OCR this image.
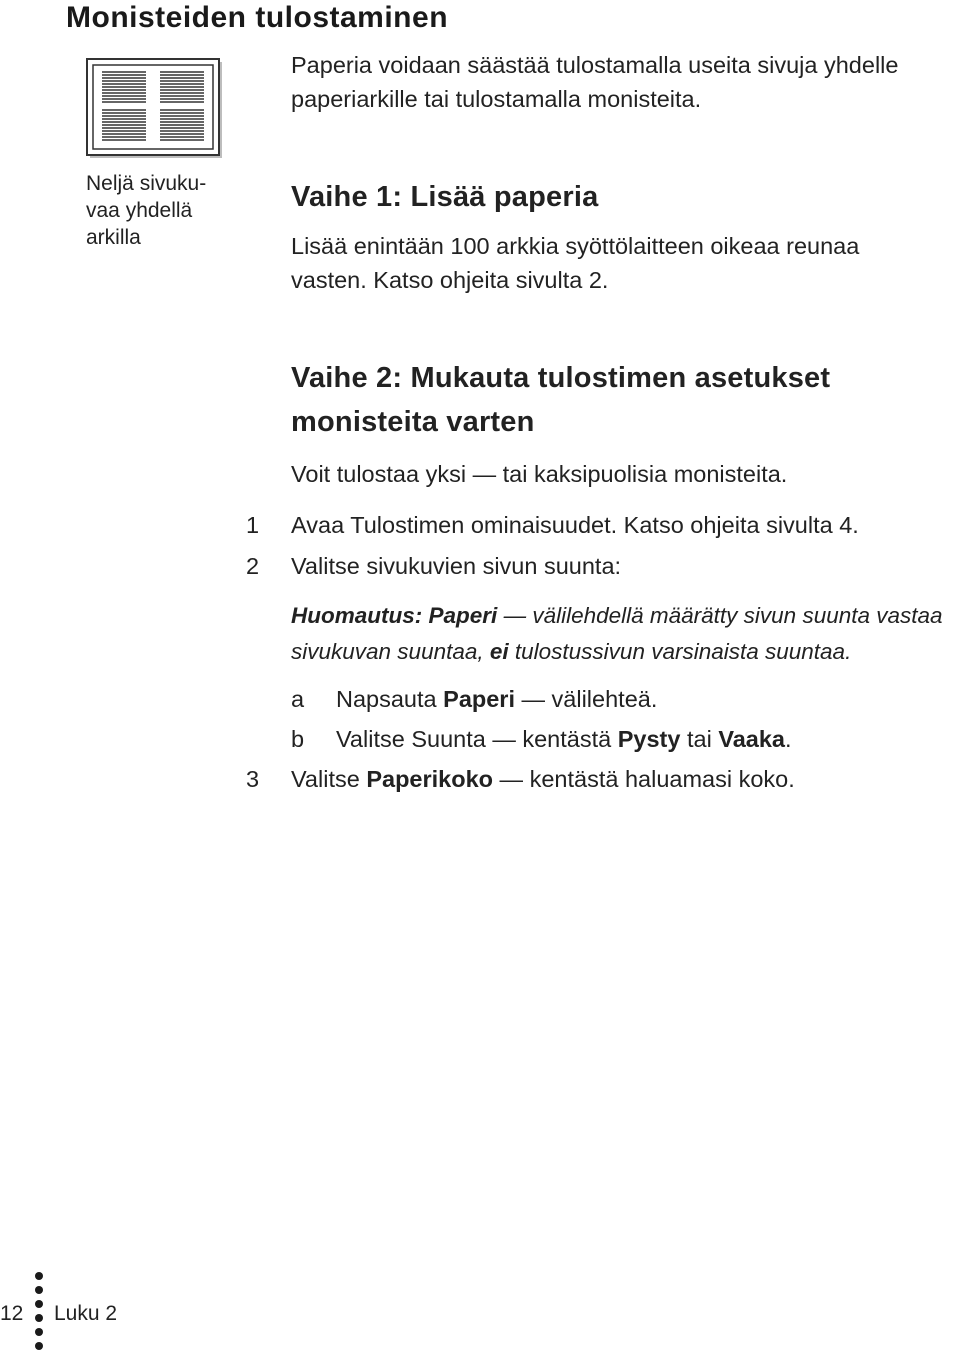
Monisteiden tulostaminen
Paperia voidaan säästää tulostamalla useita sivuja yhdelle paperiarkille tai tulostamalla monisteita.
Neljä sivuku-
vaa yhdellä
arkilla
Vaihe 1: Lisää paperia
Lisää enintään 100 arkkia syöttölaitteen oikeaa reunaa vasten. Katso ohjeita sivulta 2.
Vaihe 2: Mukauta tulostimen asetukset monisteita varten
Voit tulostaa yksi — tai kaksipuolisia monisteita.
1	Avaa Tulostimen ominaisuudet. Katso ohjeita sivulta 4.
2	Valitse sivukuvien sivun suunta:
Huomautus: Paperi — välilehdellä määrätty sivun suunta vastaa sivukuvan suuntaa, ei tulostussivun varsinaista suuntaa.
a	Napsauta Paperi — välilehteä.
b	Valitse Suunta — kentästä Pysty tai Vaaka.
3	Valitse Paperikoko — kentästä haluamasi koko.
12 Luku 2
